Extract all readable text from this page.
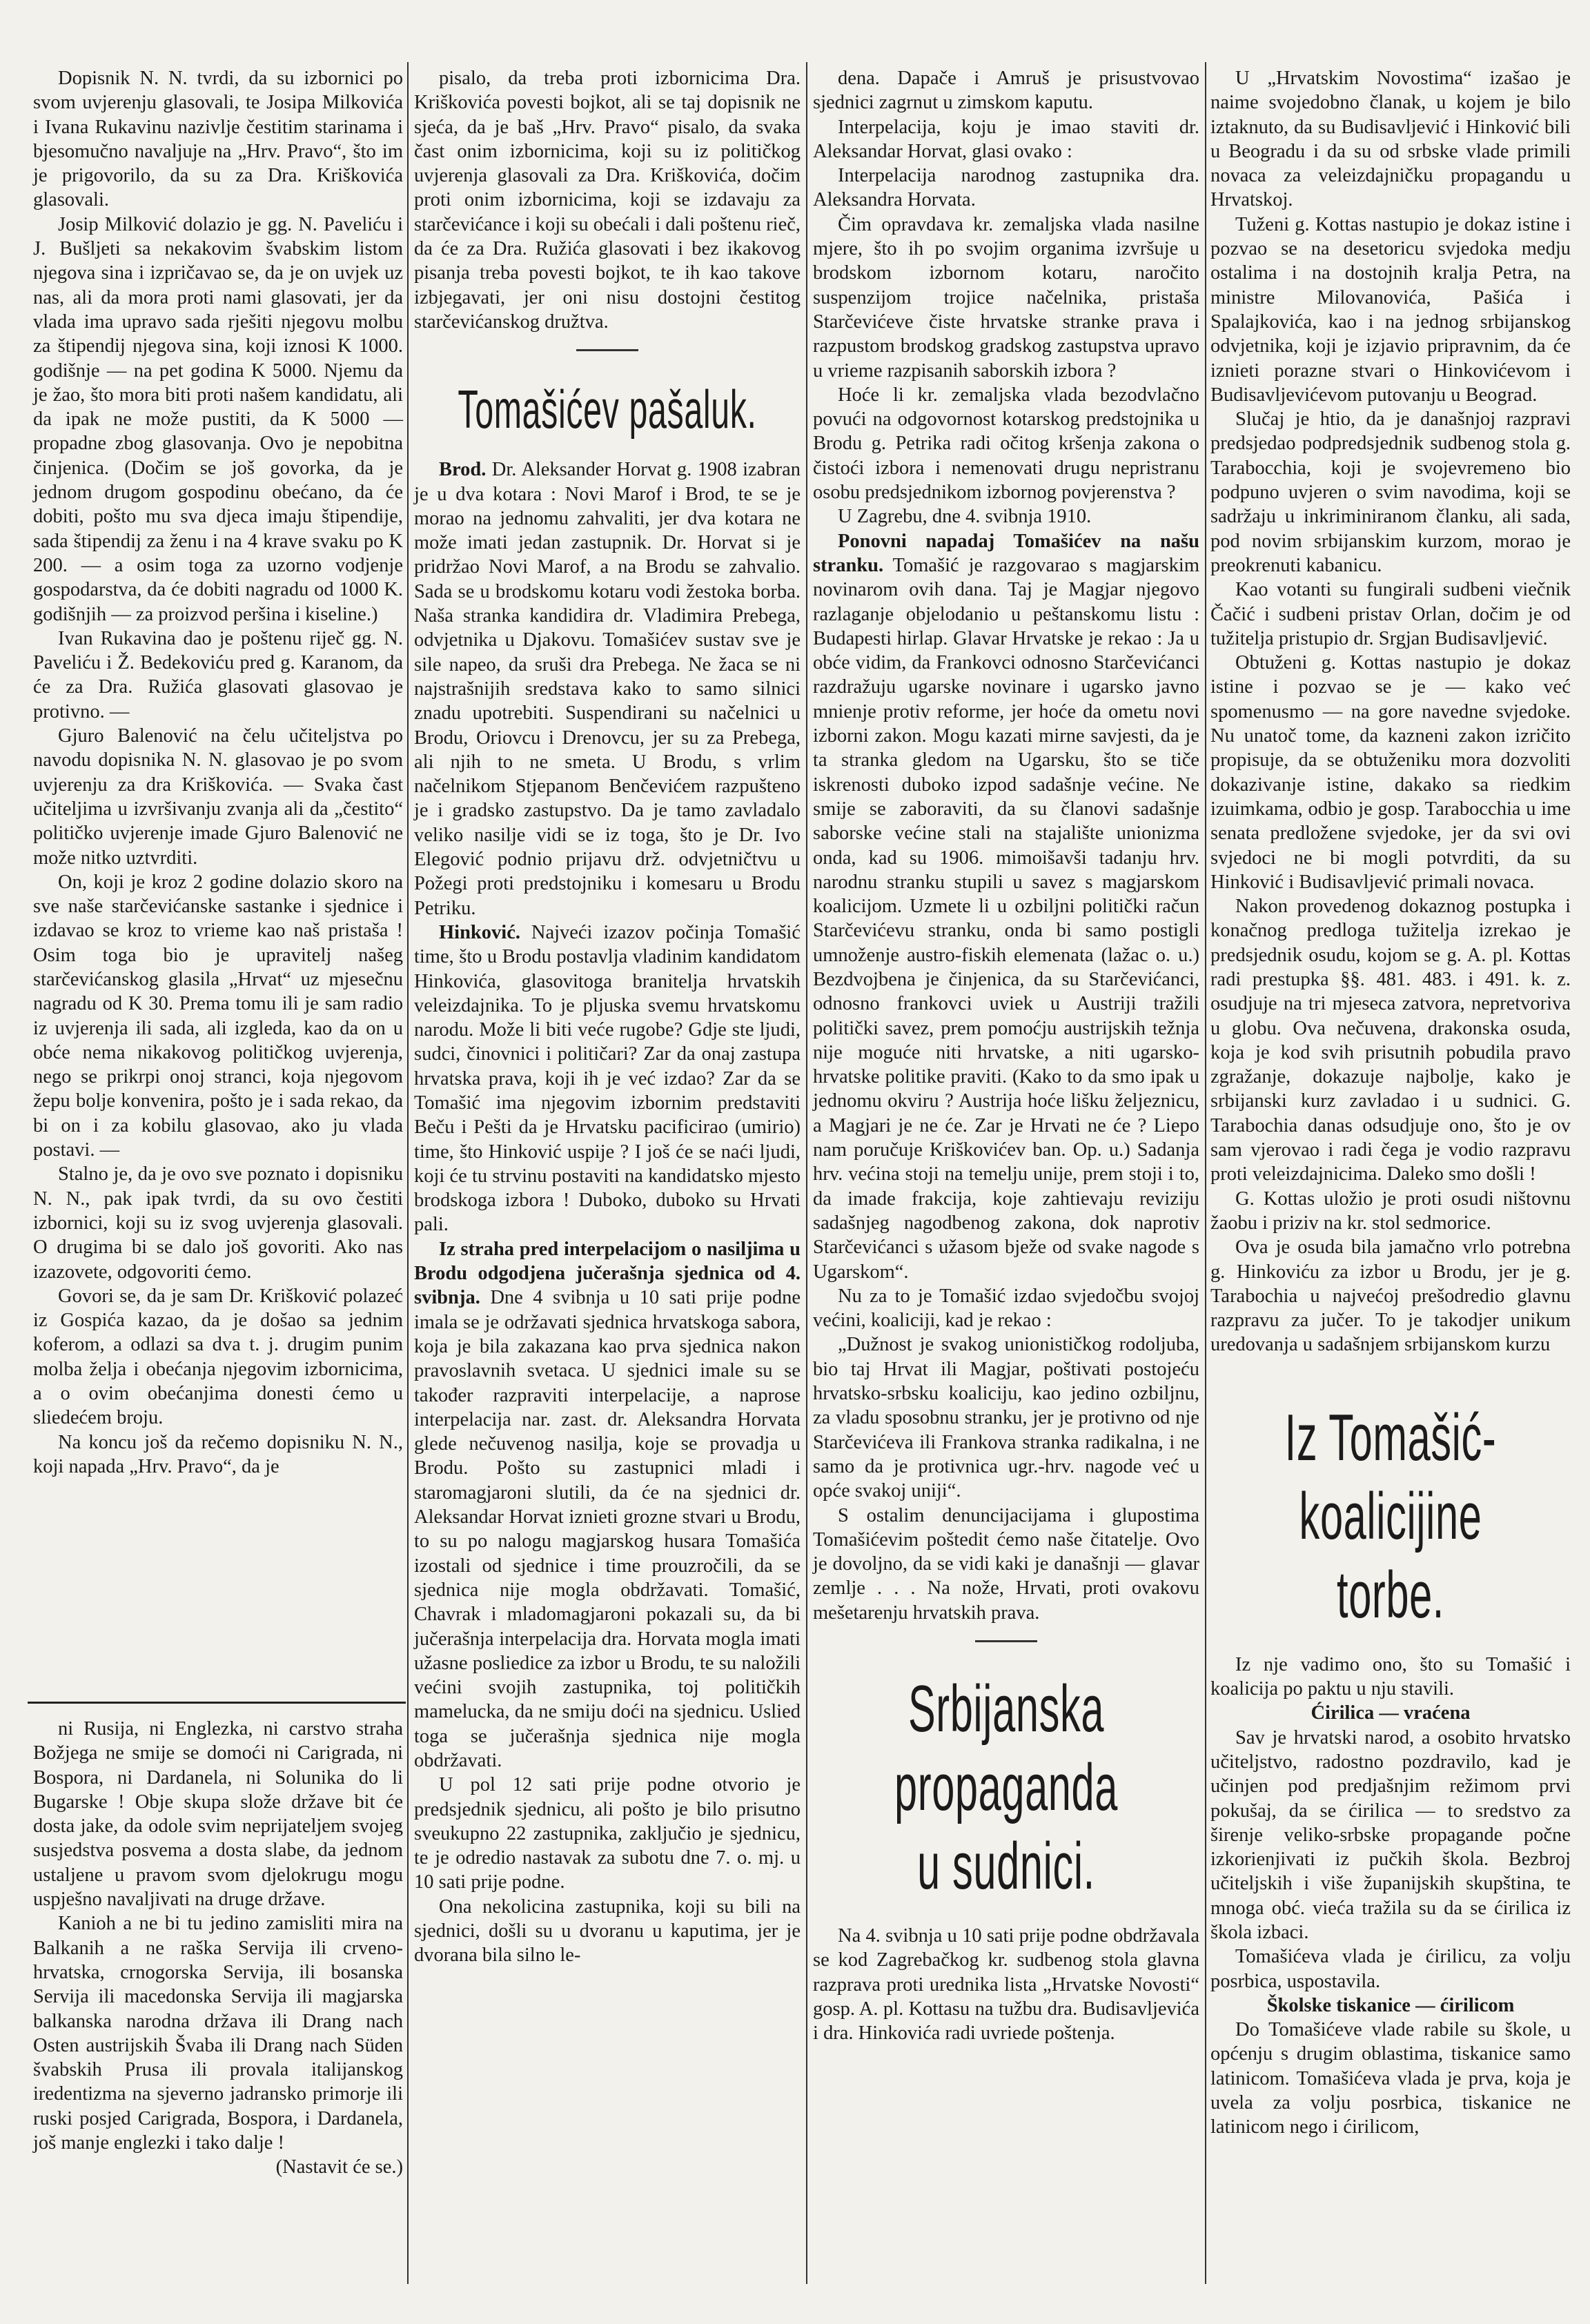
Dopisnik N. N. tvrdi, da su izbornici po svom uvjerenju glasovali, te Josipa Milkovića i Ivana Rukavinu nazivlje čestitim starinama i bjesomučno navaljuje na „Hrv. Pravo“, što im je prigovorilo, da su za Dra. Kriškovića glasovali.

Josip Milković dolazio je gg. N. Paveliću i J. Bušljeti sa nekakovim švabskim listom njegova sina i izpričavao se, da je on uvjek uz nas, ali da mora proti nami glasovati, jer da vlada ima upravo sada rješiti njegovu molbu za štipendij njegova sina, koji iznosi K 1000. godišnje — na pet godina K 5000. Njemu da je žao, što mora biti proti našem kandidatu, ali da ipak ne može pustiti, da K 5000 — propadne zbog glasovanja. Ovo je nepobitna činjenica. (Dočim se još govorka, da je jednom drugom gospodinu obećano, da će dobiti, pošto mu sva djeca imaju štipendije, sada štipendij za ženu i na 4 krave svaku po K 200. — a osim toga za uzorno vodjenje gospodarstva, da će dobiti nagradu od 1000 K. godišnjih — za proizvod peršina i kiseline.)

Ivan Rukavina dao je poštenu riječ gg. N. Paveliću i Ž. Bedekoviću pred g. Karanom, da će za Dra. Ružića glasovati glasovao je protivno. —

Gjuro Balenović na čelu učiteljstva po navodu dopisnika N. N. glasovao je po svom uvjerenju za dra Kriškovića. — Svaka čast učiteljima u izvršivanju zvanja ali da „čestito“ političko uvjerenje imade Gjuro Balenović ne može nitko uztvrditi.

On, koji je kroz 2 godine dolazio skoro na sve naše starčevićanske sastanke i sjednice i izdavao se kroz to vrieme kao naš pristaša ! Osim toga bio je upravitelj našeg starčevićanskog glasila „Hrvat“ uz mjesečnu nagradu od K 30. Prema tomu ili je sam radio iz uvjerenja ili sada, ali izgleda, kao da on u obće nema nikakovog političkog uvjerenja, nego se prikrpi onoj stranci, koja njegovom žepu bolje konvenira, pošto je i sada rekao, da bi on i za kobilu glasovao, ako ju vlada postavi. —

Stalno je, da je ovo sve poznato i dopisniku N. N., pak ipak tvrdi, da su ovo čestiti izbornici, koji su iz svog uvjerenja glasovali. O drugima bi se dalo još govoriti. Ako nas izazovete, odgovoriti ćemo.

Govori se, da je sam Dr. Krišković polazeć iz Gospića kazao, da je došao sa jednim koferom, a odlazi sa dva t. j. drugim punim molba želja i obećanja njegovim izbornicima, a o ovim obećanjima donesti ćemo u sliedećem broju.

Na koncu još da rečemo dopisniku N. N., koji napada „Hrv. Pravo“, da je

ni Rusija, ni Englezka, ni carstvo straha Božjega ne smije se domoći ni Carigrada, ni Bospora, ni Dardanela, ni Solunika do li Bugarske ! Obje skupa slože države bit će dosta jake, da odole svim neprijateljem svojeg susjedstva posvema a dosta slabe, da jednom ustaljene u pravom svom djelokrugu mogu uspješno navaljivati na druge države.

Kanioh a ne bi tu jedino zamisliti mira na Balkanih a ne raška Servija ili crveno-hrvatska, crnogorska Servija, ili bosanska Servija ili macedonska Servija ili magjarska balkanska narodna država ili Drang nach Osten austrijskih Švaba ili Drang nach Süden švabskih Prusa ili provala italijanskog iredentizma na sjeverno jadransko primorje ili ruski posjed Carigrada, Bospora, i Dardanela, još manje englezki i tako dalje !

(Nastavit će se.)

pisalo, da treba proti izbornicima Dra. Kriškovića povesti bojkot, ali se taj dopisnik ne sjeća, da je baš „Hrv. Pravo“ pisalo, da svaka čast onim izbornicima, koji su iz političkog uvjerenja glasovali za Dra. Kriškovića, dočim proti onim izbornicima, koji se izdavaju za starčevićance i koji su obećali i dali poštenu rieč, da će za Dra. Ružića glasovati i bez ikakovog pisanja treba povesti bojkot, te ih kao takove izbjegavati, jer oni nisu dostojni čestitog starčevićanskog družtva.

Tomašićev pašaluk.

Brod. Dr. Aleksander Horvat g. 1908 izabran je u dva kotara : Novi Marof i Brod, te se je morao na jednomu zahvaliti, jer dva kotara ne može imati jedan zastupnik. Dr. Horvat si je pridržao Novi Marof, a na Brodu se zahvalio. Sada se u brodskomu kotaru vodi žestoka borba. Naša stranka kandidira dr. Vladimira Prebega, odvjetnika u Djakovu. Tomašićev sustav sve je sile napeo, da sruši dra Prebega. Ne žaca se ni najstrašnijih sredstava kako to samo silnici znadu upotrebiti. Suspendirani su načelnici u Brodu, Oriovcu i Drenovcu, jer su za Prebega, ali njih to ne smeta. U Brodu, s vrlim načelnikom Stjepanom Benčevićem razpušteno je i gradsko zastupstvo. Da je tamo zavladalo veliko nasilje vidi se iz toga, što je Dr. Ivo Elegović podnio prijavu drž. odvjetničtvu u Požegi proti predstojniku i komesaru u Brodu Petriku.

Hinković. Najveći izazov počinja Tomašić time, što u Brodu postavlja vladinim kandidatom Hinkovića, glasovitoga branitelja hrvatskih veleizdajnika. To je pljuska svemu hrvatskomu narodu. Može li biti veće rugobe? Gdje ste ljudi, sudci, činovnici i političari? Zar da onaj zastupa hrvatska prava, koji ih je već izdao? Zar da se Tomašić ima njegovim izbornim predstaviti Beču i Pešti da je Hrvatsku pacificirao (umirio) time, što Hinković uspije ? I još će se naći ljudi, koji će tu strvinu postaviti na kandidatsko mjesto brodskoga izbora ! Duboko, duboko su Hrvati pali.

Iz straha pred interpelacijom o nasiljima u Brodu odgodjena jučerašnja sjednica od 4. svibnja. Dne 4 svibnja u 10 sati prije podne imala se je održavati sjednica hrvatskoga sabora, koja je bila zakazana kao prva sjednica nakon pravoslavnih svetaca. U sjednici imale su se također razpraviti interpelacije, a naprose interpelacija nar. zast. dr. Aleksandra Horvata glede nečuvenog nasilja, koje se provadja u Brodu. Pošto su zastupnici mladi i staromagjaroni slutili, da će na sjednici dr. Aleksandar Horvat iznieti grozne stvari u Brodu, to su po nalogu magjarskog husara Tomašića izostali od sjednice i time prouzročili, da se sjednica nije mogla obdržavati. Tomašić, Chavrak i mladomagjaroni pokazali su, da bi jučerašnja interpelacija dra. Horvata mogla imati užasne posliedice za izbor u Brodu, te su naložili većini svojih zastupnika, toj političkih mamelucka, da ne smiju doći na sjednicu. Uslied toga se jučerašnja sjednica nije mogla obdržavati.

U pol 12 sati prije podne otvorio je predsjednik sjednicu, ali pošto je bilo prisutno sveukupno 22 zastupnika, zaključio je sjednicu, te je odredio nastavak za subotu dne 7. o. mj. u 10 sati prije podne.

Ona nekolicina zastupnika, koji su bili na sjednici, došli su u dvoranu u kaputima, jer je dvorana bila silno le-

dena. Dapače i Amruš je prisustvovao sjednici zagrnut u zimskom kaputu.

Interpelacija, koju je imao staviti dr. Aleksandar Horvat, glasi ovako :

Interpelacija narodnog zastupnika dra. Aleksandra Horvata.

Čim opravdava kr. zemaljska vlada nasilne mjere, što ih po svojim organima izvršuje u brodskom izbornom kotaru, naročito suspenzijom trojice načelnika, pristaša Starčevićeve čiste hrvatske stranke prava i razpustom brodskog gradskog zastupstva upravo u vrieme razpisanih saborskih izbora ?

Hoće li kr. zemaljska vlada bezodvlačno povući na odgovornost kotarskog predstojnika u Brodu g. Petrika radi očitog kršenja zakona o čistoći izbora i nemenovati drugu nepristranu osobu predsjednikom izbornog povjerenstva ?

U Zagrebu, dne 4. svibnja 1910.

Ponovni napadaj Tomašićev na našu stranku. Tomašić je razgovarao s magjarskim novinarom ovih dana. Taj je Magjar njegovo razlaganje objelodanio u peštanskomu listu : Budapesti hirlap. Glavar Hrvatske je rekao : Ja u obće vidim, da Frankovci odnosno Starčevićanci razdražuju ugarske novinare i ugarsko javno mnienje protiv reforme, jer hoće da ometu novi izborni zakon. Mogu kazati mirne savjesti, da je ta stranka gledom na Ugarsku, što se tiče iskrenosti duboko izpod sadašnje većine. Ne smije se zaboraviti, da su članovi sadašnje saborske većine stali na stajalište unionizma onda, kad su 1906. mimoišavši tadanju hrv. narodnu stranku stupili u savez s magjarskom koalicijom. Uzmete li u ozbiljni politički račun Starčevićevu stranku, onda bi samo postigli umnoženje austro-fiskih elemenata (lažac o. u.) Bezdvojbena je činjenica, da su Starčevićanci, odnosno frankovci uviek u Austriji tražili politički savez, prem pomoćju austrijskih težnja nije moguće niti hrvatske, a niti ugarsko-hrvatske politike praviti. (Kako to da smo ipak u jednomu okviru ? Austrija hoće lišku željeznicu, a Magjari je ne će. Zar je Hrvati ne će ? Liepo nam poručuje Kriškovićev ban. Op. u.) Sadanja hrv. većina stoji na temelju unije, prem stoji i to, da imade frakcija, koje zahtievaju reviziju sadašnjeg nagodbenog zakona, dok naprotiv Starčevićanci s užasom bježe od svake nagode s Ugarskom“.

Nu za to je Tomašić izdao svjedočbu svojoj većini, koaliciji, kad je rekao :

„Dužnost je svakog unionističkog rodoljuba, bio taj Hrvat ili Magjar, poštivati postojeću hrvatsko-srbsku koaliciju, kao jedino ozbiljnu, za vladu sposobnu stranku, jer je protivno od nje Starčevićeva ili Frankova stranka radikalna, i ne samo da je protivnica ugr.-hrv. nagode već u opće svakoj uniji“.

S ostalim denuncijacijama i glupostima Tomašićevim poštedit ćemo naše čitatelje. Ovo je dovoljno, da se vidi kaki je današnji — glavar zemlje . . . Na nože, Hrvati, proti ovakovu mešetarenju hrvatskih prava.

Srbijanska propaganda
u sudnici.

Na 4. svibnja u 10 sati prije podne obdržavala se kod Zagrebačkog kr. sudbenog stola glavna razprava proti urednika lista „Hrvatske Novosti“ gosp. A. pl. Kottasu na tužbu dra. Budisavljevića i dra. Hinkovića radi uvriede poštenja.

U „Hrvatskim Novostima“ izašao je naime svojedobno članak, u kojem je bilo iztaknuto, da su Budisavljević i Hinković bili u Beogradu i da su od srbske vlade primili novaca za veleizdajničku propagandu u Hrvatskoj.

Tuženi g. Kottas nastupio je dokaz istine i pozvao se na desetoricu svjedoka medju ostalima i na dostojnih kralja Petra, na ministre Milovanovića, Pašića i Spalajkovića, kao i na jednog srbijanskog odvjetnika, koji je izjavio pripravnim, da će iznieti porazne stvari o Hinkovićevom i Budisavljevićevom putovanju u Beograd.

Slučaj je htio, da je današnjoj razpravi predsjedao podpredsjednik sudbenog stola g. Tarabocchia, koji je svojevremeno bio podpuno uvjeren o svim navodima, koji se sadržaju u inkriminiranom članku, ali sada, pod novim srbijanskim kurzom, morao je preokrenuti kabanicu.

Kao votanti su fungirali sudbeni viečnik Čačić i sudbeni pristav Orlan, dočim je od tužitelja pristupio dr. Srgjan Budisavljević.

Obtuženi g. Kottas nastupio je dokaz istine i pozvao se je — kako već spomenusmo — na gore navedne svjedoke. Nu unatoč tome, da kazneni zakon izričito propisuje, da se obtuženiku mora dozvoliti dokazivanje istine, dakako sa riedkim izuimkama, odbio je gosp. Tarabocchia u ime senata predložene svjedoke, jer da svi ovi svjedoci ne bi mogli potvrditi, da su Hinković i Budisavljević primali novaca.

Nakon provedenog dokaznog postupka i konačnog predloga tužitelja izrekao je predsjednik osudu, kojom se g. A. pl. Kottas radi prestupka §§. 481. 483. i 491. k. z. osudjuje na tri mjeseca zatvora, nepretvoriva u globu. Ova nečuvena, drakonska osuda, koja je kod svih prisutnih pobudila pravo zgražanje, dokazuje najbolje, kako je srbijanski kurz zavladao i u sudnici. G. Tarabochia danas odsudjuje ono, što je ov sam vjerovao i radi čega je vodio razpravu proti veleizdajnicima. Daleko smo došli !

G. Kottas uložio je proti osudi ništovnu žaobu i priziv na kr. stol sedmorice.

Ova je osuda bila jamačno vrlo potrebna g. Hinkoviću za izbor u Brodu, jer je g. Tarabochia u najvećoj prešodredio glavnu razpravu za jučer. To je takodjer unikum uredovanja u sadašnjem srbijanskom kurzu

Iz Tomašić-koalicijine
torbe.

Iz nje vadimo ono, što su Tomašić i koalicija po paktu u nju stavili.

Ćirilica — vraćena

Sav je hrvatski narod, a osobito hrvatsko učiteljstvo, radostno pozdravilo, kad je učinjen pod predjašnjim režimom prvi pokušaj, da se ćirilica — to sredstvo za širenje veliko-srbske propagande počne izkorienjivati iz pučkih škola. Bezbroj učiteljskih i više županijskih skupština, te mnoga obć. vieća tražila su da se ćirilica iz škola izbaci.

Tomašićeva vlada je ćirilicu, za volju posrbica, uspostavila.

Školske tiskanice — ćirilicom

Do Tomašićeve vlade rabile su škole, u općenju s drugim oblastima, tiskanice samo latinicom. Tomašićeva vlada je prva, koja je uvela za volju posrbica, tiskanice ne latinicom nego i ćirilicom,
